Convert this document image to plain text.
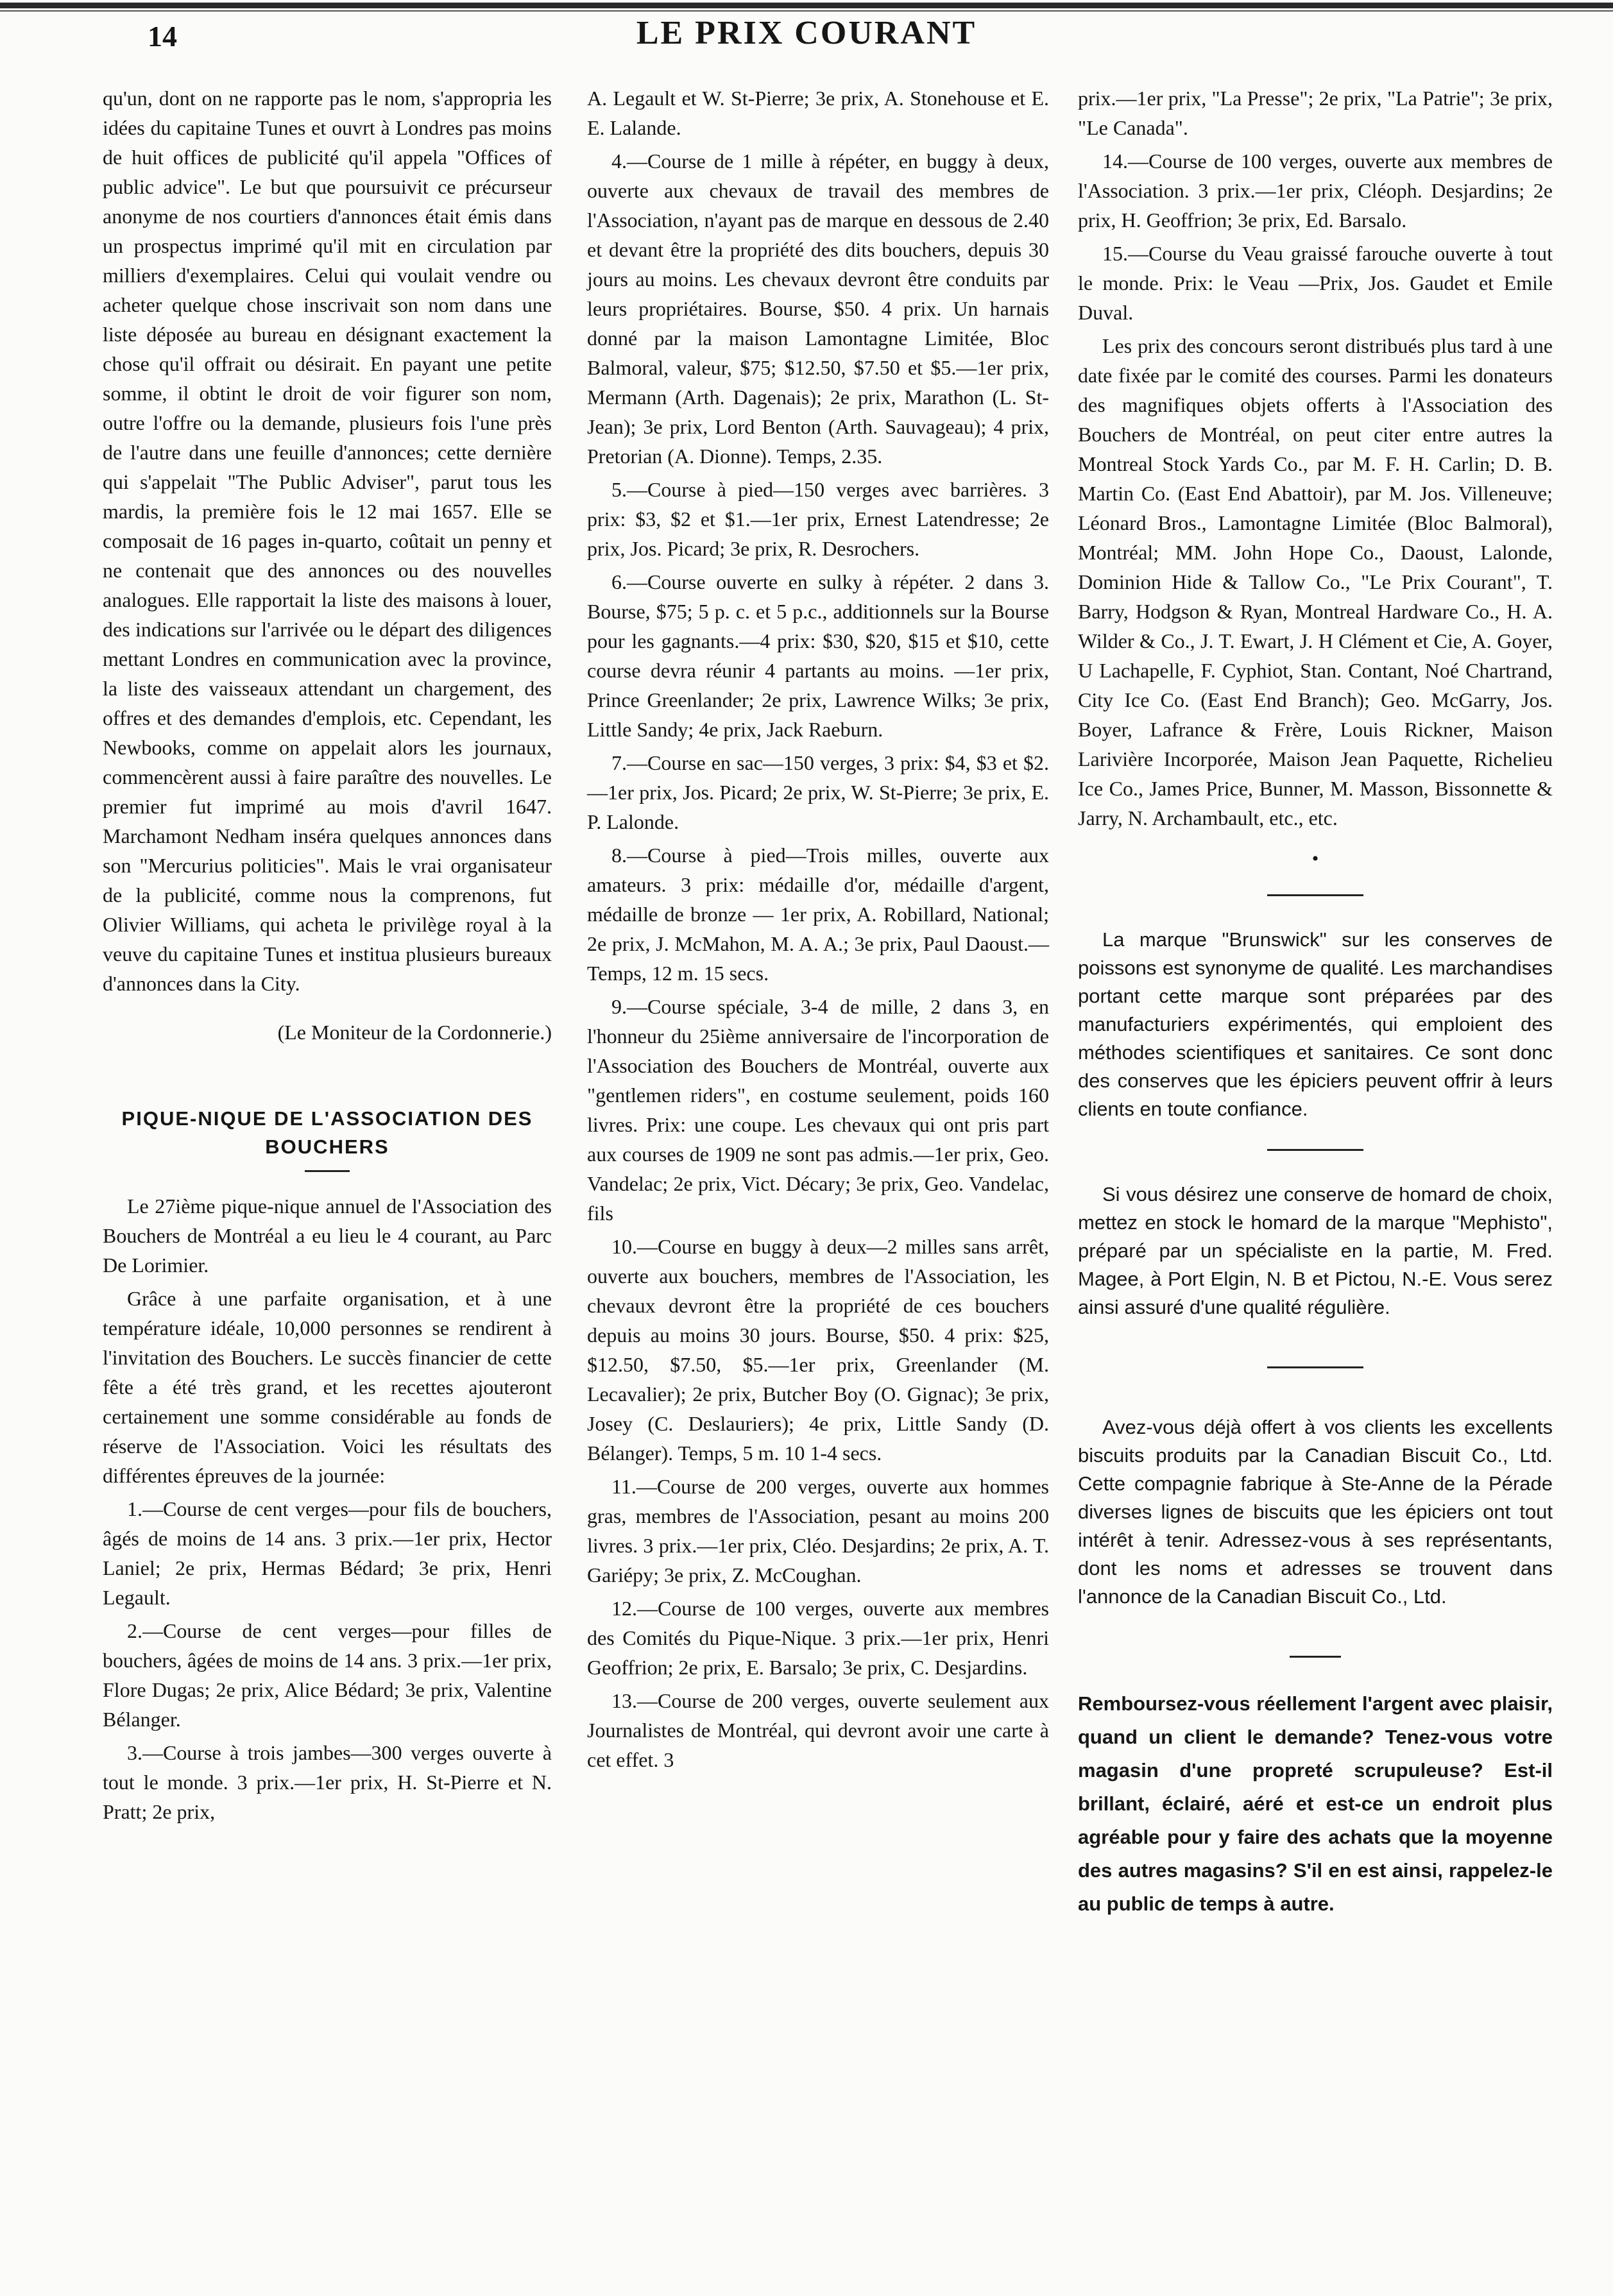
14	LE PRIX COURANT

qu'un, dont on ne rapporte pas le nom, s'appropria les idées du capitaine Tunes et ouvrt à Londres pas moins de huit offices de publicité qu'il appela "Offices of public advice". Le but que poursuivit ce précurseur anonyme de nos courtiers d'annonces était émis dans un prospectus imprimé qu'il mit en circulation par milliers d'exemplaires. Celui qui voulait vendre ou acheter quelque chose inscrivait son nom dans une liste déposée au bureau en désignant exactement la chose qu'il offrait ou désirait. En payant une petite somme, il obtint le droit de voir figurer son nom, outre l'offre ou la demande, plusieurs fois l'une près de l'autre dans une feuille d'annonces; cette dernière qui s'appelait "The Public Adviser", parut tous les mardis, la première fois le 12 mai 1657. Elle se composait de 16 pages in-quarto, coûtait un penny et ne contenait que des annonces ou des nouvelles analogues. Elle rapportait la liste des maisons à louer, des indications sur l'arrivée ou le départ des diligences mettant Londres en communication avec la province, la liste des vaisseaux attendant un chargement, des offres et des demandes d'emplois, etc. Cependant, les Newbooks, comme on appelait alors les journaux, commencèrent aussi à faire paraître des nouvelles. Le premier fut imprimé au mois d'avril 1647. Marchamont Nedham inséra quelques annonces dans son "Mercurius politicies". Mais le vrai organisateur de la publicité, comme nous la comprenons, fut Olivier Williams, qui acheta le privilège royal à la veuve du capitaine Tunes et institua plusieurs bureaux d'annonces dans la City.

(Le Moniteur de la Cordonnerie.)

PIQUE-NIQUE DE L'ASSOCIATION DES BOUCHERS

Le 27ième pique-nique annuel de l'Association des Bouchers de Montréal a eu lieu le 4 courant, au Parc De Lorimier.

Grâce à une parfaite organisation, et à une température idéale, 10,000 personnes se rendirent à l'invitation des Bouchers. Le succès financier de cette fête a été très grand, et les recettes ajouteront certainement une somme considérable au fonds de réserve de l'Association. Voici les résultats des différentes épreuves de la journée:

1.—Course de cent verges—pour fils de bouchers, âgés de moins de 14 ans. 3 prix.—1er prix, Hector Laniel; 2e prix, Hermas Bédard; 3e prix, Henri Legault.

2.—Course de cent verges—pour filles de bouchers, âgées de moins de 14 ans. 3 prix.—1er prix, Flore Dugas; 2e prix, Alice Bédard; 3e prix, Valentine Bélanger.

3.—Course à trois jambes—300 verges ouverte à tout le monde. 3 prix.—1er prix, H. St-Pierre et N. Pratt; 2e prix,

A. Legault et W. St-Pierre; 3e prix, A. Stonehouse et E. E. Lalande.

4.—Course de 1 mille à répéter, en buggy à deux, ouverte aux chevaux de travail des membres de l'Association, n'ayant pas de marque en dessous de 2.40 et devant être la propriété des dits bouchers, depuis 30 jours au moins. Les chevaux devront être conduits par leurs propriétaires. Bourse, $50. 4 prix. Un harnais donné par la maison Lamontagne Limitée, Bloc Balmoral, valeur, $75; $12.50, $7.50 et $5.—1er prix, Mermann (Arth. Dagenais); 2e prix, Marathon (L. St-Jean); 3e prix, Lord Benton (Arth. Sauvageau); 4 prix, Pretorian (A. Dionne). Temps, 2.35.

5.—Course à pied—150 verges avec barrières. 3 prix: $3, $2 et $1.—1er prix, Ernest Latendresse; 2e prix, Jos. Picard; 3e prix, R. Desrochers.

6.—Course ouverte en sulky à répéter. 2 dans 3. Bourse, $75; 5 p. c. et 5 p.c., additionnels sur la Bourse pour les gagnants.—4 prix: $30, $20, $15 et $10, cette course devra réunir 4 partants au moins. —1er prix, Prince Greenlander; 2e prix, Lawrence Wilks; 3e prix, Little Sandy; 4e prix, Jack Raeburn.

7.—Course en sac—150 verges, 3 prix: $4, $3 et $2.—1er prix, Jos. Picard; 2e prix, W. St-Pierre; 3e prix, E. P. Lalonde.

8.—Course à pied—Trois milles, ouverte aux amateurs. 3 prix: médaille d'or, médaille d'argent, médaille de bronze — 1er prix, A. Robillard, National; 2e prix, J. McMahon, M. A. A.; 3e prix, Paul Daoust.—Temps, 12 m. 15 secs.

9.—Course spéciale, 3-4 de mille, 2 dans 3, en l'honneur du 25ième anniversaire de l'incorporation de l'Association des Bouchers de Montréal, ouverte aux "gentlemen riders", en costume seulement, poids 160 livres. Prix: une coupe. Les chevaux qui ont pris part aux courses de 1909 ne sont pas admis.—1er prix, Geo. Vandelac; 2e prix, Vict. Décary; 3e prix, Geo. Vandelac, fils

10.—Course en buggy à deux—2 milles sans arrêt, ouverte aux bouchers, membres de l'Association, les chevaux devront être la propriété de ces bouchers depuis au moins 30 jours. Bourse, $50. 4 prix: $25, $12.50, $7.50, $5.—1er prix, Greenlander (M. Lecavalier); 2e prix, Butcher Boy (O. Gignac); 3e prix, Josey (C. Deslauriers); 4e prix, Little Sandy (D. Bélanger). Temps, 5 m. 10 1-4 secs.

11.—Course de 200 verges, ouverte aux hommes gras, membres de l'Association, pesant au moins 200 livres. 3 prix.—1er prix, Cléo. Desjardins; 2e prix, A. T. Gariépy; 3e prix, Z. McCoughan.

12.—Course de 100 verges, ouverte aux membres des Comités du Pique-Nique. 3 prix.—1er prix, Henri Geoffrion; 2e prix, E. Barsalo; 3e prix, C. Desjardins.

13.—Course de 200 verges, ouverte seulement aux Journalistes de Montréal, qui devront avoir une carte à cet effet. 3

prix.—1er prix, "La Presse"; 2e prix, "La Patrie"; 3e prix, "Le Canada".

14.—Course de 100 verges, ouverte aux membres de l'Association. 3 prix.—1er prix, Cléoph. Desjardins; 2e prix, H. Geoffrion; 3e prix, Ed. Barsalo.

15.—Course du Veau graissé farouche ouverte à tout le monde. Prix: le Veau —Prix, Jos. Gaudet et Emile Duval.

Les prix des concours seront distribués plus tard à une date fixée par le comité des courses. Parmi les donateurs des magnifiques objets offerts à l'Association des Bouchers de Montréal, on peut citer entre autres la Montreal Stock Yards Co., par M. F. H. Carlin; D. B. Martin Co. (East End Abattoir), par M. Jos. Villeneuve; Léonard Bros., Lamontagne Limitée (Bloc Balmoral), Montréal; MM. John Hope Co., Daoust, Lalonde, Dominion Hide & Tallow Co., "Le Prix Courant", T. Barry, Hodgson & Ryan, Montreal Hardware Co., H. A. Wilder & Co., J. T. Ewart, J. H Clément et Cie, A. Goyer, U Lachapelle, F. Cyphiot, Stan. Contant, Noé Chartrand, City Ice Co. (East End Branch); Geo. McGarry, Jos. Boyer, Lafrance & Frère, Louis Rickner, Maison Larivière Incorporée, Maison Jean Paquette, Richelieu Ice Co., James Price, Bunner, M. Masson, Bissonnette & Jarry, N. Archambault, etc., etc.

•

La marque "Brunswick" sur les conserves de poissons est synonyme de qualité. Les marchandises portant cette marque sont préparées par des manufacturiers expérimentés, qui emploient des méthodes scientifiques et sanitaires. Ce sont donc des conserves que les épiciers peuvent offrir à leurs clients en toute confiance.

Si vous désirez une conserve de homard de choix, mettez en stock le homard de la marque "Mephisto", préparé par un spécialiste en la partie, M. Fred. Magee, à Port Elgin, N. B et Pictou, N.-E. Vous serez ainsi assuré d'une qualité régulière.

Avez-vous déjà offert à vos clients les excellents biscuits produits par la Canadian Biscuit Co., Ltd. Cette compagnie fabrique à Ste-Anne de la Pérade diverses lignes de biscuits que les épiciers ont tout intérêt à tenir. Adressez-vous à ses représentants, dont les noms et adresses se trouvent dans l'annonce de la Canadian Biscuit Co., Ltd.

Remboursez-vous réellement l'argent avec plaisir, quand un client le demande? Tenez-vous votre magasin d'une propreté scrupuleuse? Est-il brillant, éclairé, aéré et est-ce un endroit plus agréable pour y faire des achats que la moyenne des autres magasins? S'il en est ainsi, rappelez-le au public de temps à autre.
